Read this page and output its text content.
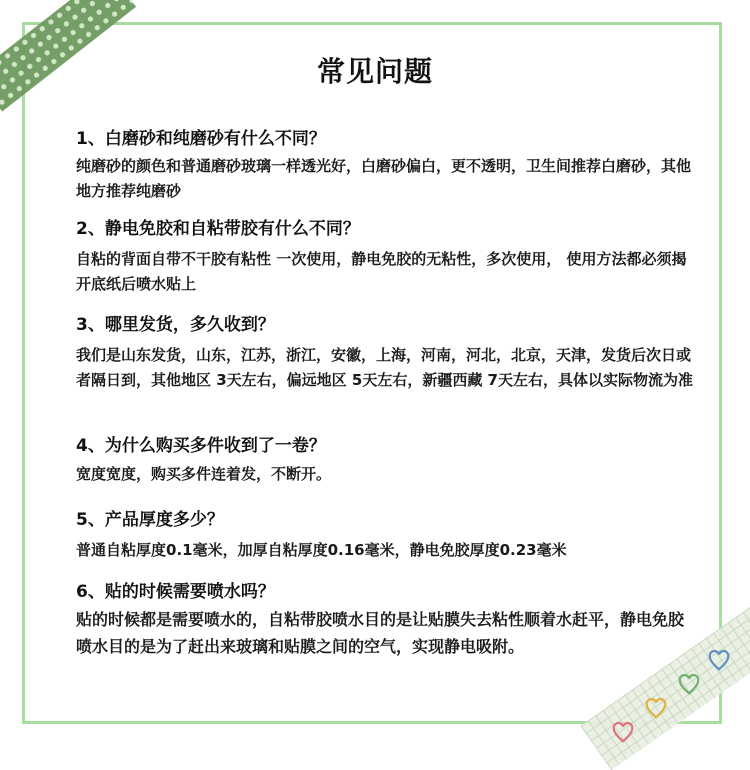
常见问题
1、白磨砂和纯磨砂有什么不同？
纯磨砂的颜色和普通磨砂玻璃一样透光好，白磨砂偏白，更不透明，卫生间推荐白磨砂，其他地方推荐纯磨砂
2、静电免胶和自粘带胶有什么不同？
自粘的背面自带不干胶有粘性 一次使用，静电免胶的无粘性，多次使用， 使用方法都必须揭开底纸后喷水贴上
3、哪里发货，多久收到？
我们是山东发货，山东，江苏，浙江，安徽，上海，河南，河北，北京，天津，发货后次日或者隔日到，其他地区 3天左右，偏远地区 5天左右，新疆西藏 7天左右，具体以实际物流为准
4、为什么购买多件收到了一卷？
宽度宽度，购买多件连着发，不断开。
5、产品厚度多少？
普通自粘厚度0.1毫米，加厚自粘厚度0.16毫米，静电免胶厚度0.23毫米
6、贴的时候需要喷水吗？
贴的时候都是需要喷水的，自粘带胶喷水目的是让贴膜失去粘性顺着水赶平，静电免胶喷水目的是为了赶出来玻璃和贴膜之间的空气，实现静电吸附。
